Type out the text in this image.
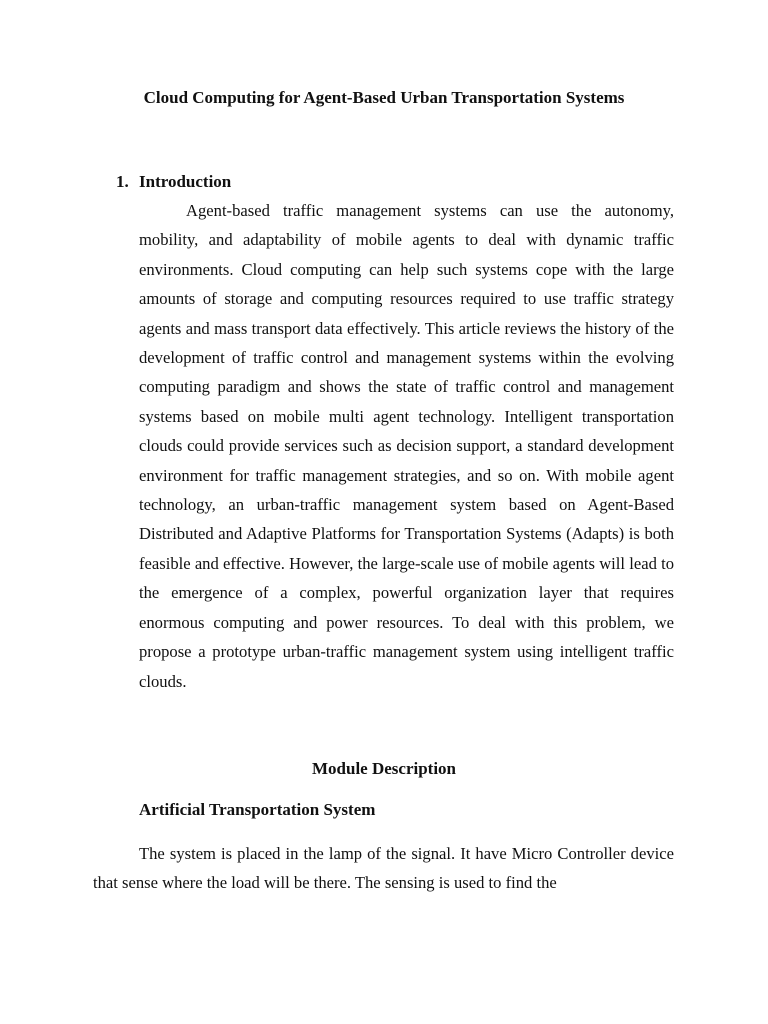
Cloud Computing for Agent-Based Urban Transportation Systems
1. Introduction

Agent-based traffic management systems can use the autonomy, mobility, and adaptability of mobile agents to deal with dynamic traffic environments. Cloud computing can help such systems cope with the large amounts of storage and computing resources required to use traffic strategy agents and mass transport data effectively. This article reviews the history of the development of traffic control and management systems within the evolving computing paradigm and shows the state of traffic control and management systems based on mobile multi agent technology. Intelligent transportation clouds could provide services such as decision support, a standard development environment for traffic management strategies, and so on. With mobile agent technology, an urban-traffic management system based on Agent-Based Distributed and Adaptive Platforms for Transportation Systems (Adapts) is both feasible and effective. However, the large-scale use of mobile agents will lead to the emergence of a complex, powerful organization layer that requires enormous computing and power resources. To deal with this problem, we propose a prototype urban-traffic management system using intelligent traffic clouds.

Module Description
Artificial Transportation System

The system is placed in the lamp of the signal. It have Micro Controller device that sense where the load will be there. The sensing is used to find the
